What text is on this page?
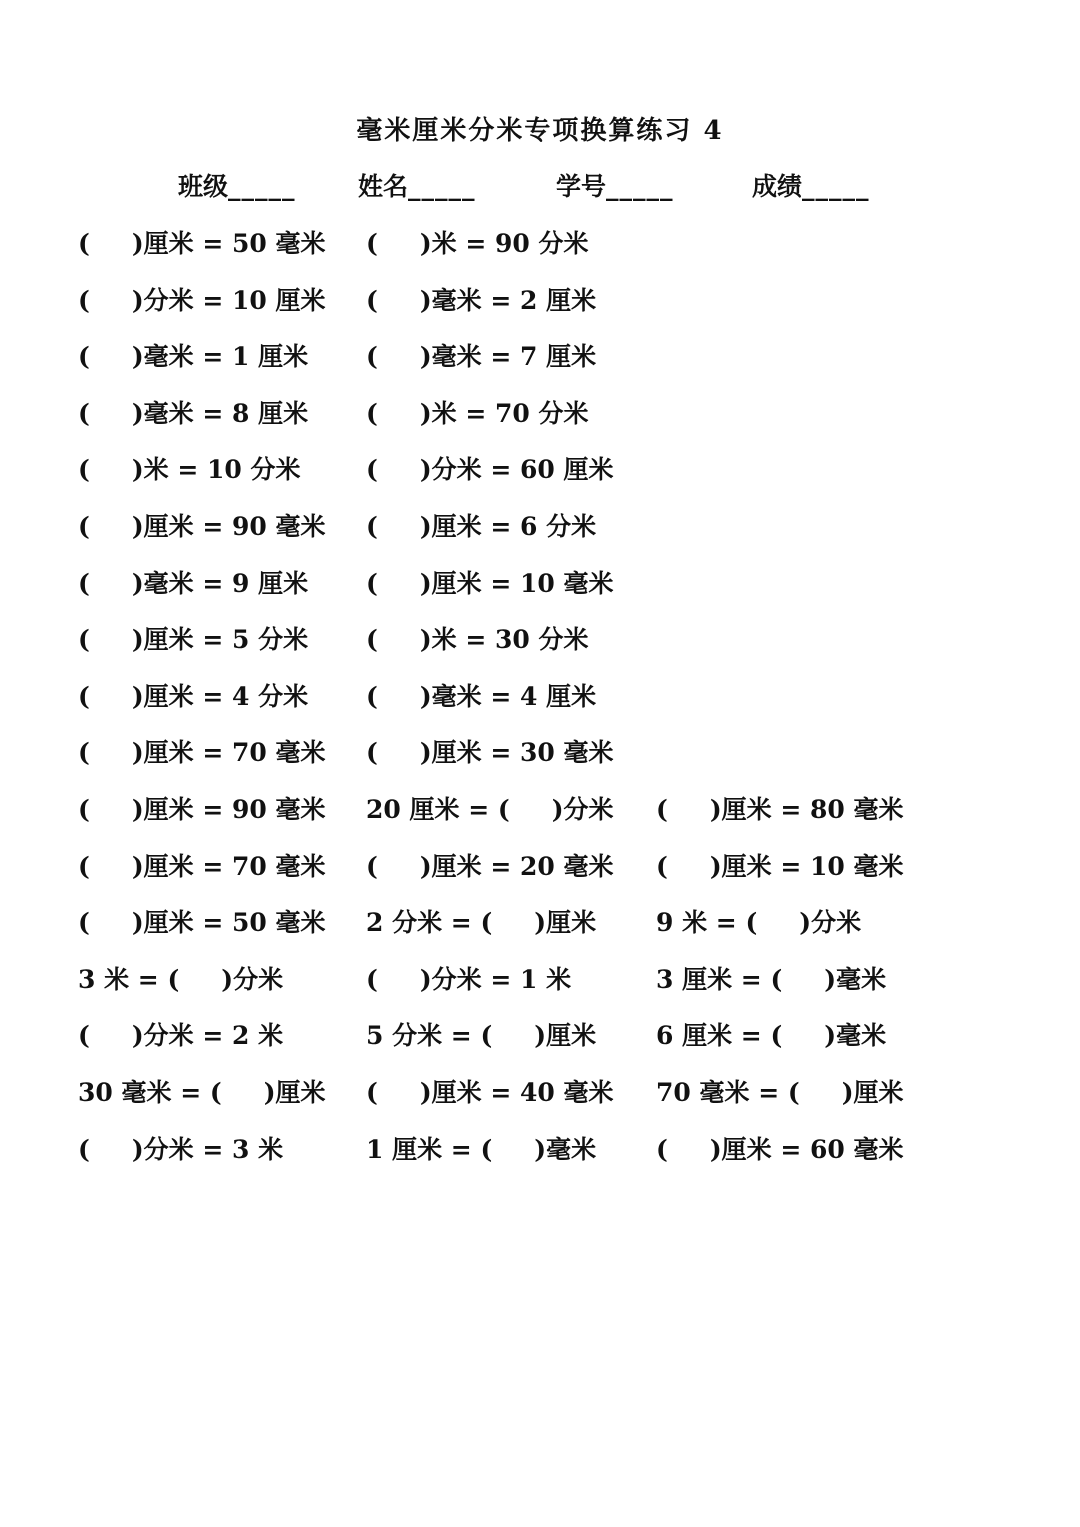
毫米厘米分米专项换算练习 4
班级_____ 姓名_____	学号_____	成绩_____
( )厘米 = 50 毫米 ( )米 = 90 分米
( )分米 = 10 厘米 ( )毫米 = 2 厘米
( )毫米 = 1 厘米 ( )毫米 = 7 厘米
( )毫米 = 8 厘米 ( )米 = 70 分米
( )米 = 10 分米	( )分米 = 60 厘米
( )厘米 = 90 毫米 ( )厘米 = 6 分米
( )毫米 = 9 厘米 ( )厘米 = 10 毫米
( )厘米 = 5 分米 ( )米 = 30 分米
( )厘米 = 4 分米 ( )毫米 = 4 厘米
( )厘米 = 70 毫米 ( )厘米 = 30 毫米
( )厘米 = 90 毫米 20 厘米 = ( )分米 ( )厘米 = 80 毫米
( )厘米 = 70 毫米 ( )厘米 = 20 毫米 ( )厘米 = 10 毫米
( )厘米 = 50 毫米 2 分米 = ( )厘米 9 米 = ( )分米
3 米 = ( )分米	( )分米 = 1 米	3 厘米 = ( )毫米
( )分米 = 2 米	5 分米 = ( )厘米 6 厘米 = ( )毫米
30 毫米 = ( )厘米 ( )厘米 = 40 毫米 70 毫米 = ( )厘米
( )分米 = 3 米	1 厘米 = ( )毫米 ( )厘米 = 60 毫米
